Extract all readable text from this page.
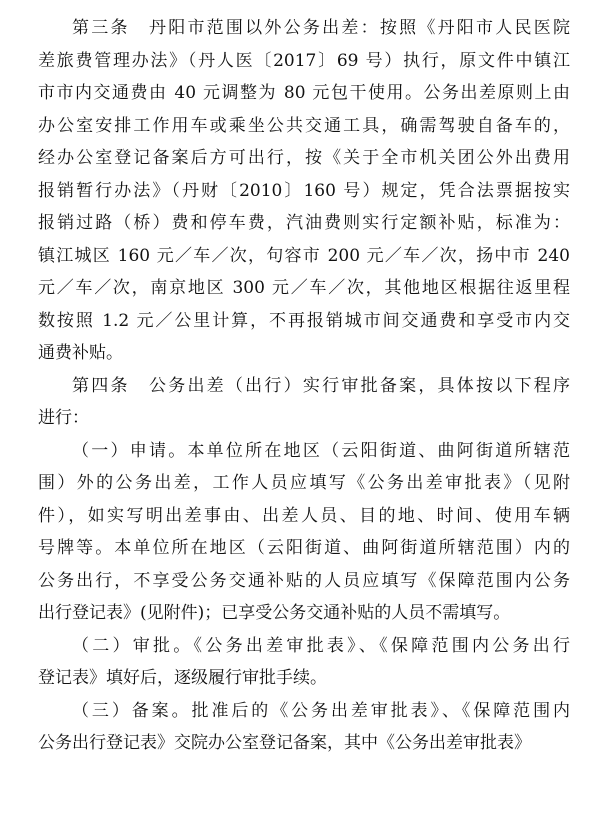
第三条　丹阳市范围以外公务出差：按照《丹阳市人民医院
差旅费管理办法》（丹人医〔2017〕69 号）执行，原文件中镇江
市市内交通费由 40 元调整为 80 元包干使用。公务出差原则上由
办公室安排工作用车或乘坐公共交通工具，确需驾驶自备车的，
经办公室登记备案后方可出行，按《关于全市机关团公外出费用
报销暂行办法》（丹财〔2010〕160 号）规定，凭合法票据按实
报销过路（桥）费和停车费，汽油费则实行定额补贴，标准为：
镇江城区 160 元／车／次，句容市 200 元／车／次，扬中市 240
元／车／次，南京地区 300 元／车／次，其他地区根据往返里程
数按照 1.2 元／公里计算，不再报销城市间交通费和享受市内交
通费补贴。

第四条　公务出差（出行）实行审批备案，具体按以下程序
进行：

（一）申请。本单位所在地区（云阳街道、曲阿街道所辖范
围）外的公务出差，工作人员应填写《公务出差审批表》（见附
件），如实写明出差事由、出差人员、目的地、时间、使用车辆
号牌等。本单位所在地区（云阳街道、曲阿街道所辖范围）内的
公务出行，不享受公务交通补贴的人员应填写《保障范围内公务
出行登记表》(见附件)；已享受公务交通补贴的人员不需填写。

（二）审批。《公务出差审批表》、《保障范围内公务出行
登记表》填好后，逐级履行审批手续。

（三）备案。批准后的《公务出差审批表》、《保障范围内
公务出行登记表》交院办公室登记备案，其中《公务出差审批表》
